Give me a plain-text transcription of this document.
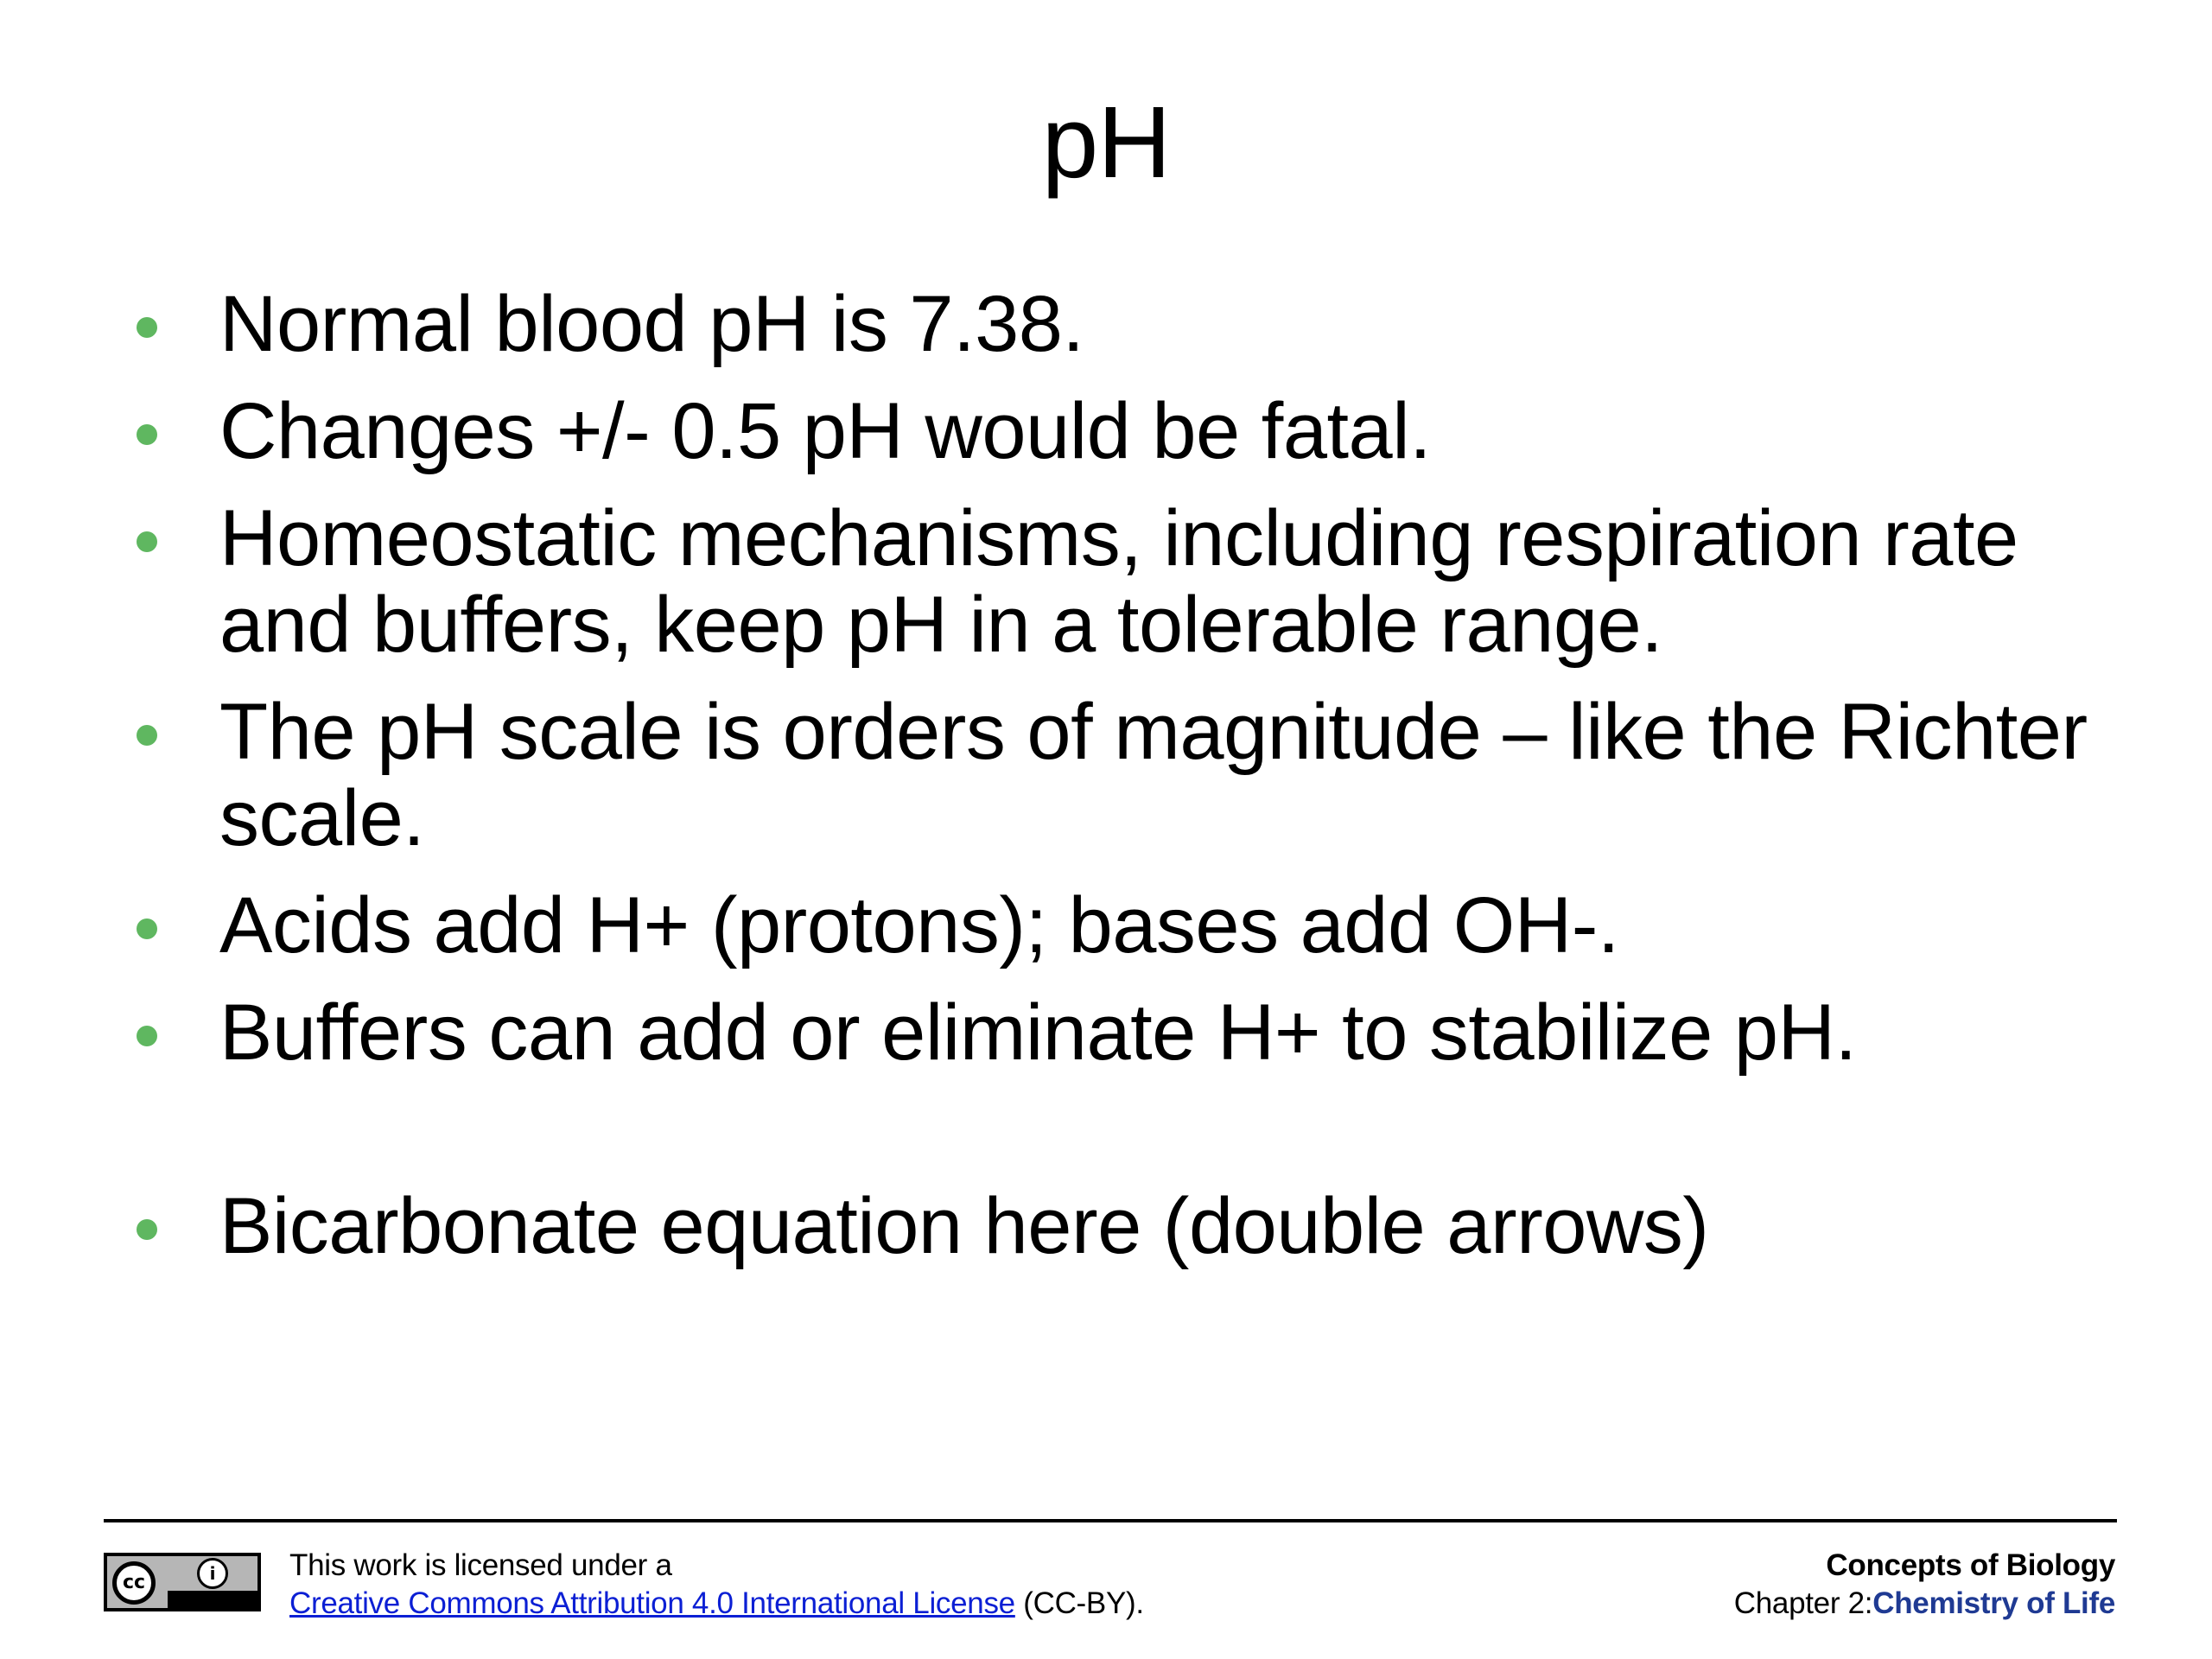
pH
Normal blood pH is 7.38.
Changes +/- 0.5 pH would be fatal.
Homeostatic mechanisms, including respiration rate and buffers, keep pH in a tolerable range.
The pH scale is orders of magnitude – like the Richter scale.
Acids add H+ (protons); bases add OH-.
Buffers can add or eliminate H+ to stabilize pH.
Bicarbonate equation here (double arrows)
cc	i	This work is licensed under a
Creative Commons Attribution 4.0 International License (CC-BY).
Concepts of Biology
Chapter 2:Chemistry of Life
